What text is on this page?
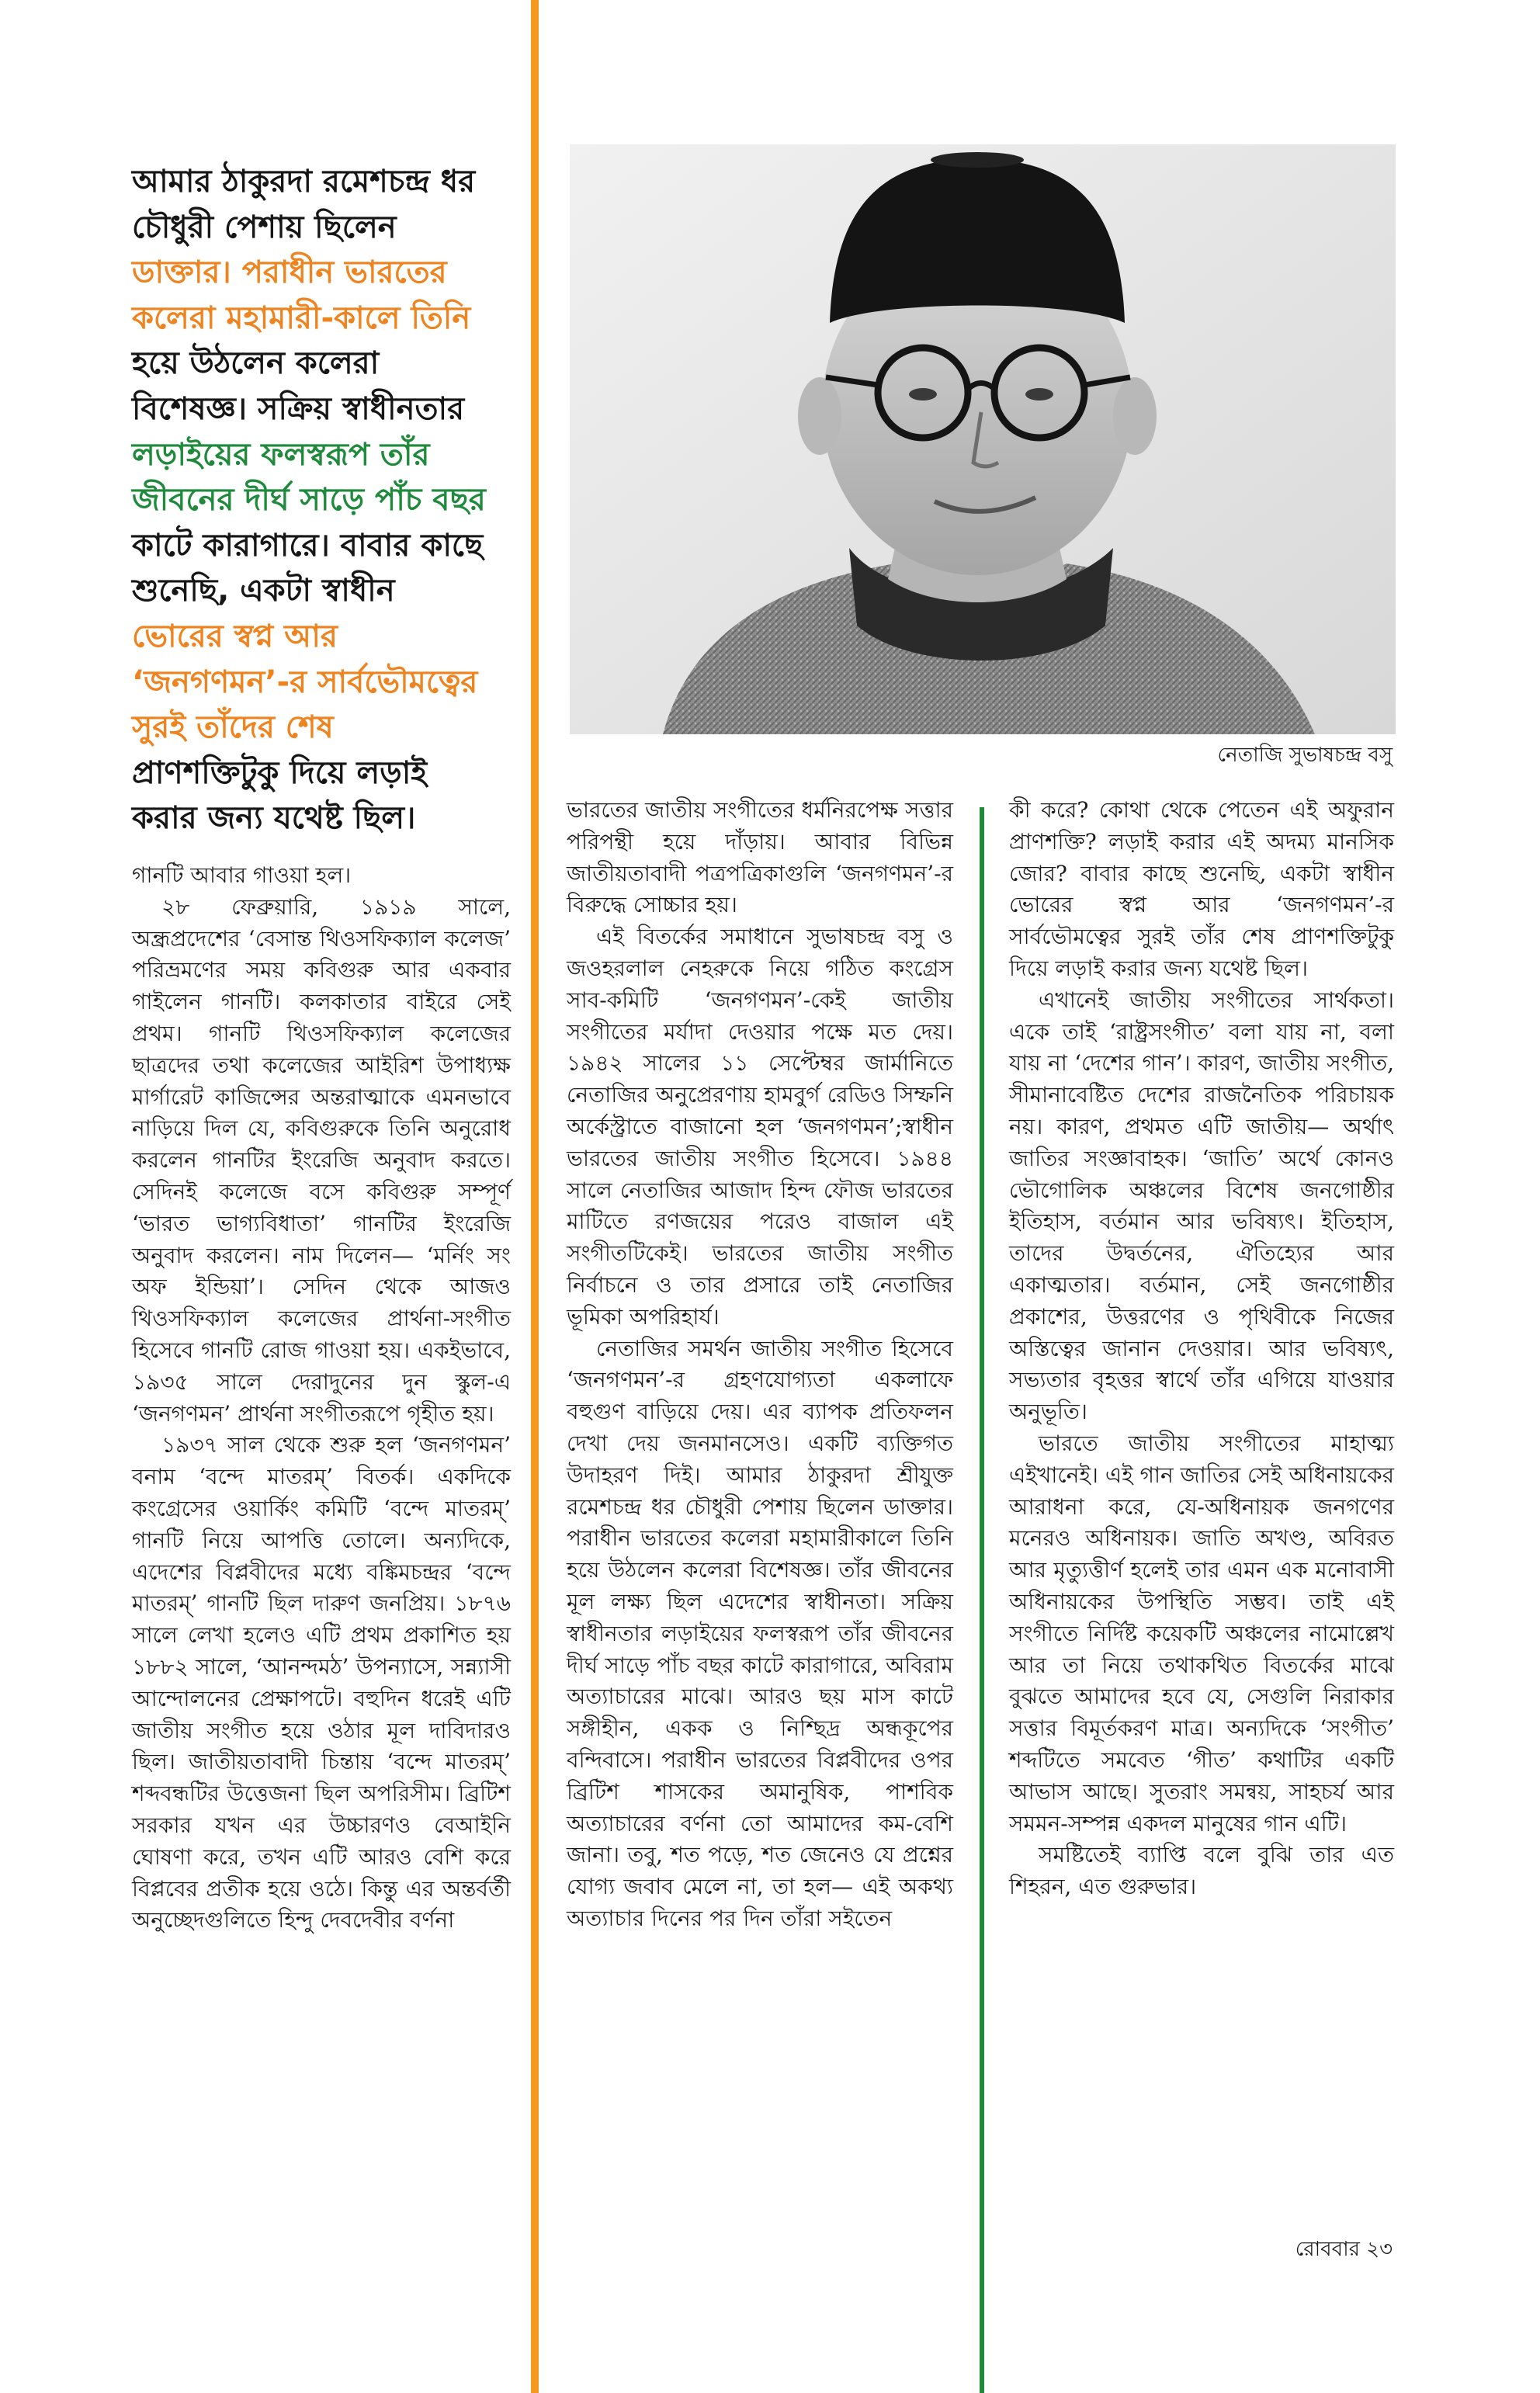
আমার ঠাকুরদা রমেশচন্দ্র ধর
চৌধুরী পেশায় ছিলেন
ডাক্তার। পরাধীন ভারতের
কলেরা মহামারী-কালে তিনি
হয়ে উঠলেন কলেরা
বিশেষজ্ঞ। সক্রিয় স্বাধীনতার
লড়াইয়ের ফলস্বরূপ তাঁর
জীবনের দীর্ঘ সাড়ে পাঁচ বছর
কাটে কারাগারে। বাবার কাছে
শুনেছি, একটা স্বাধীন
ভোরের স্বপ্ন আর
‘জনগণমন’-র সার্বভৌমত্বের
সুরই তাঁদের শেষ
প্রাণশক্তিটুকু দিয়ে লড়াই
করার জন্য যথেষ্ট ছিল।
নেতাজি সুভাষচন্দ্র বসু

গানটি আবার গাওয়া হল।

২৮ ফেব্রুয়ারি, ১৯১৯ সালে, অন্ধ্রপ্রদেশের ‘বেসান্ত থিওসফিক্যাল কলেজ’ পরিভ্রমণের সময় কবিগুরু আর একবার গাইলেন গানটি। কলকাতার বাইরে সেই প্রথম। গানটি থিওসফিক্যাল কলেজের ছাত্রদের তথা কলেজের আইরিশ উপাধ্যক্ষ মার্গারেট কাজিন্সের অন্তরাত্মাকে এমনভাবে নাড়িয়ে দিল যে, কবিগুরুকে তিনি অনুরোধ করলেন গানটির ইংরেজি অনুবাদ করতে। সেদিনই কলেজে বসে কবিগুরু সম্পূর্ণ ‘ভারত ভাগ্যবিধাতা’ গানটির ইংরেজি অনুবাদ করলেন। নাম দিলেন— ‘মর্নিং সং অফ ইন্ডিয়া’। সেদিন থেকে আজও থিওসফিক্যাল কলেজের প্রার্থনা-সংগীত হিসেবে গানটি রোজ গাওয়া হয়। একইভাবে, ১৯৩৫ সালে দেরাদুনের দুন স্কুল-এ ‘জনগণমন’ প্রার্থনা সংগীতরূপে গৃহীত হয়।

১৯৩৭ সাল থেকে শুরু হল ‘জনগণমন’ বনাম ‘বন্দে মাতরম্’ বিতর্ক। একদিকে কংগ্রেসের ওয়ার্কিং কমিটি ‘বন্দে মাতরম্’ গানটি নিয়ে আপত্তি তোলে। অন্যদিকে, এদেশের বিপ্লবীদের মধ্যে বঙ্কিমচন্দ্রর ‘বন্দে মাতরম্’ গানটি ছিল দারুণ জনপ্রিয়। ১৮৭৬ সালে লেখা হলেও এটি প্রথম প্রকাশিত হয় ১৮৮২ সালে, ‘আনন্দমঠ’ উপন্যাসে, সন্ন্যাসী আন্দোলনের প্রেক্ষাপটে। বহুদিন ধরেই এটি জাতীয় সংগীত হয়ে ওঠার মূল দাবিদারও ছিল। জাতীয়তাবাদী চিন্তায় ‘বন্দে মাতরম্’ শব্দবন্ধটির উত্তেজনা ছিল অপরিসীম। ব্রিটিশ সরকার যখন এর উচ্চারণও বেআইনি ঘোষণা করে, তখন এটি আরও বেশি করে বিপ্লবের প্রতীক হয়ে ওঠে। কিন্তু এর অন্তর্বর্তী অনুচ্ছেদগুলিতে হিন্দু দেবদেবীর বর্ণনা

ভারতের জাতীয় সংগীতের ধর্মনিরপেক্ষ সত্তার পরিপন্থী হয়ে দাঁড়ায়। আবার বিভিন্ন জাতীয়তাবাদী পত্রপত্রিকাগুলি ‘জনগণমন’-র বিরুদ্ধে সোচ্চার হয়।

এই বিতর্কের সমাধানে সুভাষচন্দ্র বসু ও জওহরলাল নেহরুকে নিয়ে গঠিত কংগ্রেস সাব-কমিটি ‘জনগণমন’-কেই জাতীয় সংগীতের মর্যাদা দেওয়ার পক্ষে মত দেয়। ১৯৪২ সালের ১১ সেপ্টেম্বর জার্মানিতে নেতাজির অনুপ্রেরণায় হামবুর্গ রেডিও সিম্ফনি অর্কেস্ট্রাতে বাজানো হল ‘জনগণমন’;স্বাধীন ভারতের জাতীয় সংগীত হিসেবে। ১৯৪৪ সালে নেতাজির আজাদ হিন্দ ফৌজ ভারতের মাটিতে রণজয়ের পরেও বাজাল এই সংগীতটিকেই। ভারতের জাতীয় সংগীত নির্বাচনে ও তার প্রসারে তাই নেতাজির ভূমিকা অপরিহার্য।

নেতাজির সমর্থন জাতীয় সংগীত হিসেবে ‘জনগণমন’-র গ্রহণযোগ্যতা একলাফে বহুগুণ বাড়িয়ে দেয়। এর ব্যাপক প্রতিফলন দেখা দেয় জনমানসেও। একটি ব্যক্তিগত উদাহরণ দিই। আমার ঠাকুরদা শ্রীযুক্ত রমেশচন্দ্র ধর চৌধুরী পেশায় ছিলেন ডাক্তার। পরাধীন ভারতের কলেরা মহামারীকালে তিনি হয়ে উঠলেন কলেরা বিশেষজ্ঞ। তাঁর জীবনের মূল লক্ষ্য ছিল এদেশের স্বাধীনতা। সক্রিয় স্বাধীনতার লড়াইয়ের ফলস্বরূপ তাঁর জীবনের দীর্ঘ সাড়ে পাঁচ বছর কাটে কারাগারে, অবিরাম অত্যাচারের মাঝে। আরও ছয় মাস কাটে সঙ্গীহীন, একক ও নিশ্ছিদ্র অন্ধকূপের বন্দিবাসে। পরাধীন ভারতের বিপ্লবীদের ওপর ব্রিটিশ শাসকের অমানুষিক, পাশবিক অত্যাচারের বর্ণনা তো আমাদের কম-বেশি জানা। তবু, শত পড়ে, শত জেনেও যে প্রশ্নের যোগ্য জবাব মেলে না, তা হল— এই অকথ্য অত্যাচার দিনের পর দিন তাঁরা সইতেন

কী করে? কোথা থেকে পেতেন এই অফুরান প্রাণশক্তি? লড়াই করার এই অদম্য মানসিক জোর? বাবার কাছে শুনেছি, একটা স্বাধীন ভোরের স্বপ্ন আর ‘জনগণমন’-র সার্বভৌমত্বের সুরই তাঁর শেষ প্রাণশক্তিটুকু দিয়ে লড়াই করার জন্য যথেষ্ট ছিল।

এখানেই জাতীয় সংগীতের সার্থকতা। একে তাই ‘রাষ্ট্রসংগীত’ বলা যায় না, বলা যায় না ‘দেশের গান’। কারণ, জাতীয় সংগীত, সীমানাবেষ্টিত দেশের রাজনৈতিক পরিচায়ক নয়। কারণ, প্রথমত এটি জাতীয়— অর্থাৎ জাতির সংজ্ঞাবাহক। ‘জাতি’ অর্থে কোনও ভৌগোলিক অঞ্চলের বিশেষ জনগোষ্ঠীর ইতিহাস, বর্তমান আর ভবিষ্যৎ। ইতিহাস, তাদের উদ্বর্তনের, ঐতিহ্যের আর একাত্মতার। বর্তমান, সেই জনগোষ্ঠীর প্রকাশের, উত্তরণের ও পৃথিবীকে নিজের অস্তিত্বের জানান দেওয়ার। আর ভবিষ্যৎ, সভ্যতার বৃহত্তর স্বার্থে তাঁর এগিয়ে যাওয়ার অনুভূতি।

ভারতে জাতীয় সংগীতের মাহাত্ম্য এইখানেই। এই গান জাতির সেই অধিনায়কের আরাধনা করে, যে-অধিনায়ক জনগণের মনেরও অধিনায়ক। জাতি অখণ্ড, অবিরত আর মৃত্যুত্তীর্ণ হলেই তার এমন এক মনোবাসী অধিনায়কের উপস্থিতি সম্ভব। তাই এই সংগীতে নির্দিষ্ট কয়েকটি অঞ্চলের নামোল্লেখ আর তা নিয়ে তথাকথিত বিতর্কের মাঝে বুঝতে আমাদের হবে যে, সেগুলি নিরাকার সত্তার বিমূর্তকরণ মাত্র। অন্যদিকে ‘সংগীত’ শব্দটিতে সমবেত ‘গীত’ কথাটির একটি আভাস আছে। সুতরাং সমন্বয়, সাহচর্য আর সমমন-সম্পন্ন একদল মানুষের গান এটি।

সমষ্টিতেই ব্যাপ্তি বলে বুঝি তার এত শিহরন, এত গুরুভার।

রোববার ২৩
